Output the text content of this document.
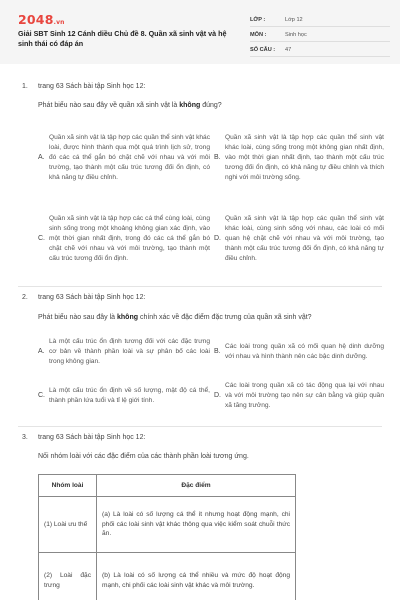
2048.vn
Giải SBT Sinh 12 Cánh diều Chủ đề 8. Quần xã sinh vật và hệ sinh thái có đáp án
LỚP :	Lớp 12
MÔN :	Sinh học
SỐ CÂU :	47
1. trang 63 Sách bài tập Sinh học 12:
Phát biểu nào sau đây về quần xã sinh vật là không đúng?
A.
Quần xã sinh vật là tập hợp các quần thể sinh vật khác loài, được hình thành qua một quá trình lịch sử, trong đó các cá thể gắn bó chặt chẽ với nhau và với môi trường, tạo thành một cấu trúc tương đối ổn định, có khả năng tự điều chỉnh.
B.
Quần xã sinh vật là tập hợp các quần thể sinh vật khác loài, cùng sống trong một không gian nhất định, vào một thời gian nhất định, tạo thành một cấu trúc tương đối ổn định, có khả năng tự điều chỉnh và thích nghi với môi trường sống.
C.
Quần xã sinh vật là tập hợp các cá thể cùng loài, cùng sinh sống trong một khoảng không gian xác định, vào một thời gian nhất định, trong đó các cá thể gắn bó chặt chẽ với nhau và với môi trường, tạo thành một cấu trúc tương đối ổn định.
D.
Quần xã sinh vật là tập hợp các quần thể sinh vật khác loài, cùng sinh sống với nhau, các loài có mối quan hệ chặt chẽ với nhau và với môi trường, tạo thành một cấu trúc tương đối ổn định, có khả năng tự điều chỉnh.
2. trang 63 Sách bài tập Sinh học 12:
Phát biểu nào sau đây là không chính xác về đặc điểm đặc trưng của quần xã sinh vật?
A.
Là một cấu trúc ổn định tương đối với các đặc trưng cơ bản về thành phần loài và sự phân bố các loài trong không gian.
B.
Các loài trong quần xã có mối quan hệ dinh dưỡng với nhau và hình thành nên các bậc dinh dưỡng.
C.
Là một cấu trúc ổn định về số lượng, mật độ cá thể, thành phần lứa tuổi và tỉ lệ giới tính.
D.
Các loài trong quần xã có tác động qua lại với nhau và với môi trường tạo nên sự cân bằng và giúp quần xã tăng trưởng.
3. trang 63 Sách bài tập Sinh học 12:
Nối nhóm loài với các đặc điểm của các thành phần loài tương ứng.
Nhóm loài	Đặc điểm
(1) Loài ưu thế	(a) Là loài có số lượng cá thể ít nhưng hoạt động mạnh, chi phối các loài sinh vật khác thông qua việc kiểm soát chuỗi thức ăn.
(2) Loài đặc trưng	(b) Là loài có số lượng cá thể nhiều và mức độ hoạt động mạnh, chi phối các loài sinh vật khác và môi trường.
